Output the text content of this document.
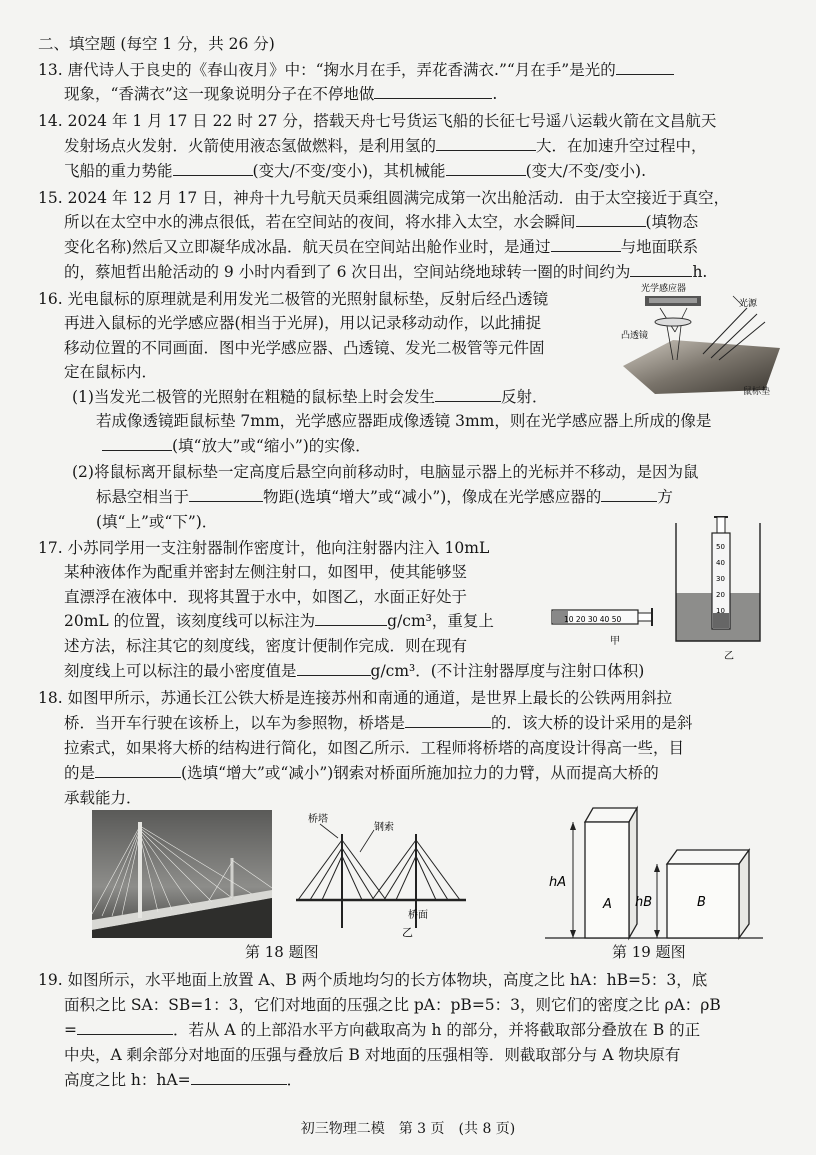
二、填空题 (每空 1 分，共 26 分)
13. 唐代诗人于良史的《春山夜月》中：“掬水月在手，弄花香满衣.”“月在手”是光的
现象，“香满衣”这一现象说明分子在不停地做	.
14. 2024 年 1 月 17 日 22 时 27 分，搭载天舟七号货运飞船的长征七号遥八运载火箭在文昌航天
发射场点火发射．火箭使用液态氢做燃料，是利用氢的	大．在加速升空过程中，
飞船的重力势能	(变大/不变/变小)，其机械能	(变大/不变/变小).
15. 2024 年 12 月 17 日，神舟十九号航天员乘组圆满完成第一次出舱活动．由于太空接近于真空，
所以在太空中水的沸点很低，若在空间站的夜间，将水排入太空，水会瞬间	(填物态
变化名称)然后又立即凝华成冰晶．航天员在空间站出舱作业时，是通过	与地面联系
的，蔡旭哲出舱活动的 9 小时内看到了 6 次日出，空间站绕地球转一圈的时间约为	h.
16. 光电鼠标的原理就是利用发光二极管的光照射鼠标垫，反射后经凸透镜
再进入鼠标的光学感应器(相当于光屏)，用以记录移动动作，以此捕捉
移动位置的不同画面．图中光学感应器、凸透镜、发光二极管等元件固
定在鼠标内．
(1)当发光二极管的光照射在粗糙的鼠标垫上时会发生	反射．
若成像透镜距鼠标垫 7mm，光学感应器距成像透镜 3mm，则在光学感应器上所成的像是
(填“放大”或“缩小”)的实像．
(2)将鼠标离开鼠标垫一定高度后悬空向前移动时，电脑显示器上的光标并不移动，是因为鼠
标悬空相当于	物距(选填“增大”或“减小”)，像成在光学感应器的	方
(填“上”或“下”)．
光学感应器
光源
凸透镜
鼠标垫
17. 小苏同学用一支注射器制作密度计，他向注射器内注入 10mL
某种液体作为配重并密封左侧注射口，如图甲，使其能够竖
直漂浮在液体中．现将其置于水中，如图乙，水面正好处于
20mL 的位置，该刻度线可以标注为	g/cm³，重复上
述方法，标注其它的刻度线，密度计便制作完成．则在现有
刻度线上可以标注的最小密度值是	g/cm³．(不计注射器厚度与注射口体积)
10 20 30 40 50
甲
50
40
30
20
10
乙
18. 如图甲所示，苏通长江公铁大桥是连接苏州和南通的通道，是世界上最长的公铁两用斜拉
桥．当开车行驶在该桥上，以车为参照物，桥塔是	的．该大桥的设计采用的是斜
拉索式，如果将大桥的结构进行简化，如图乙所示．工程师将桥塔的高度设计得高一些，目
的是	(选填“增大”或“减小”)钢索对桥面所施加拉力的力臂，从而提高大桥的
承载能力．
桥塔
钢索
桥面
乙
第 18 题图
hA
hB
A	B
第 19 题图
19. 如图所示，水平地面上放置 A、B 两个质地均匀的长方体物块，高度之比 hA：hB=5：3，底
面积之比 SA：SB=1：3，它们对地面的压强之比 pA：pB=5：3，则它们的密度之比 ρA：ρB
=	．若从 A 的上部沿水平方向截取高为 h 的部分，并将截取部分叠放在 B 的正
中央，A 剩余部分对地面的压强与叠放后 B 对地面的压强相等．则截取部分与 A 物块原有
高度之比 h：hA=	．
初三物理二模　第 3 页　(共 8 页)
